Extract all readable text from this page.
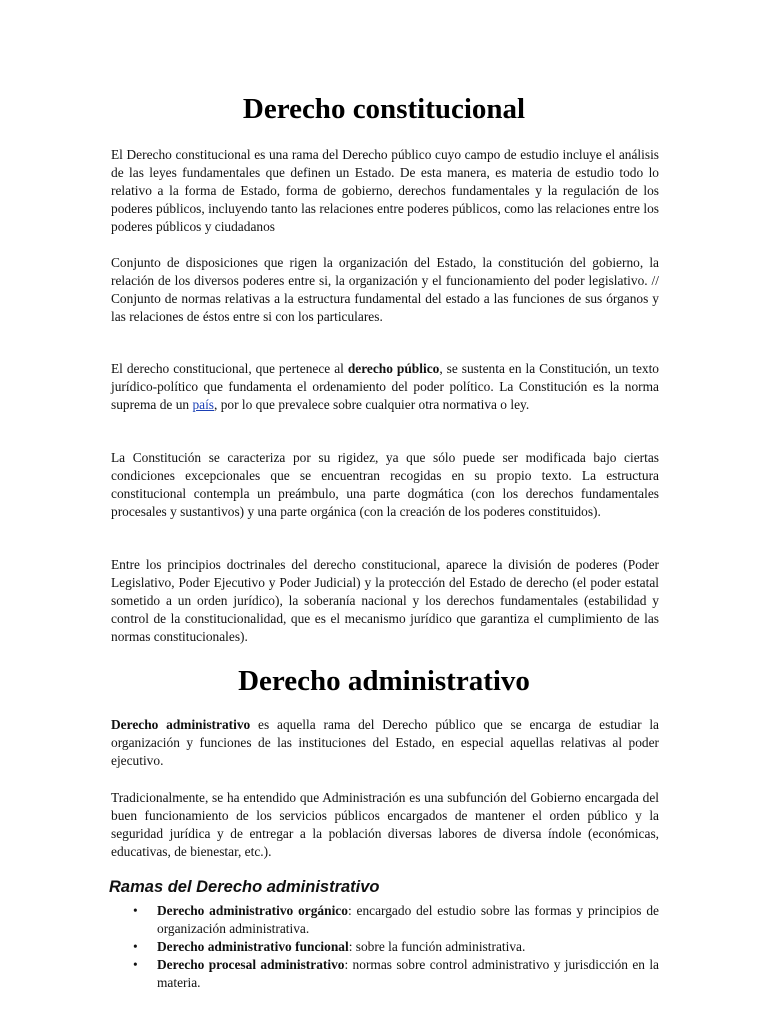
Derecho constitucional

El Derecho constitucional es una rama del Derecho público cuyo campo de estudio incluye el análisis de las leyes fundamentales que definen un Estado. De esta manera, es materia de estudio todo lo relativo a la forma de Estado, forma de gobierno, derechos fundamentales y la regulación de los poderes públicos, incluyendo tanto las relaciones entre poderes públicos, como las relaciones entre los poderes públicos y ciudadanos

Conjunto de disposiciones que rigen la organización del Estado, la constitución del gobierno, la relación de los diversos poderes entre si, la organización y el funcionamiento del poder legislativo. // Conjunto de normas relativas a la estructura fundamental del estado a las funciones de sus órganos y las relaciones de éstos entre si con los particulares.

El derecho constitucional, que pertenece al derecho público, se sustenta en la Constitución, un texto jurídico-político que fundamenta el ordenamiento del poder político. La Constitución es la norma suprema de un país, por lo que prevalece sobre cualquier otra normativa o ley.

La Constitución se caracteriza por su rigidez, ya que sólo puede ser modificada bajo ciertas condiciones excepcionales que se encuentran recogidas en su propio texto. La estructura constitucional contempla un preámbulo, una parte dogmática (con los derechos fundamentales procesales y sustantivos) y una parte orgánica (con la creación de los poderes constituidos).

Entre los principios doctrinales del derecho constitucional, aparece la división de poderes (Poder Legislativo, Poder Ejecutivo y Poder Judicial) y la protección del Estado de derecho (el poder estatal sometido a un orden jurídico), la soberanía nacional y los derechos fundamentales (estabilidad y control de la constitucionalidad, que es el mecanismo jurídico que garantiza el cumplimiento de las normas constitucionales).

Derecho administrativo

Derecho administrativo es aquella rama del Derecho público que se encarga de estudiar la organización y funciones de las instituciones del Estado, en especial aquellas relativas al poder ejecutivo.

Tradicionalmente, se ha entendido que Administración es una subfunción del Gobierno encargada del buen funcionamiento de los servicios públicos encargados de mantener el orden público y la seguridad jurídica y de entregar a la población diversas labores de diversa índole (económicas, educativas, de bienestar, etc.).

Ramas del Derecho administrativo
• Derecho administrativo orgánico: encargado del estudio sobre las formas y principios de organización administrativa.
• Derecho administrativo funcional: sobre la función administrativa.
• Derecho procesal administrativo: normas sobre control administrativo y jurisdicción en la materia.
